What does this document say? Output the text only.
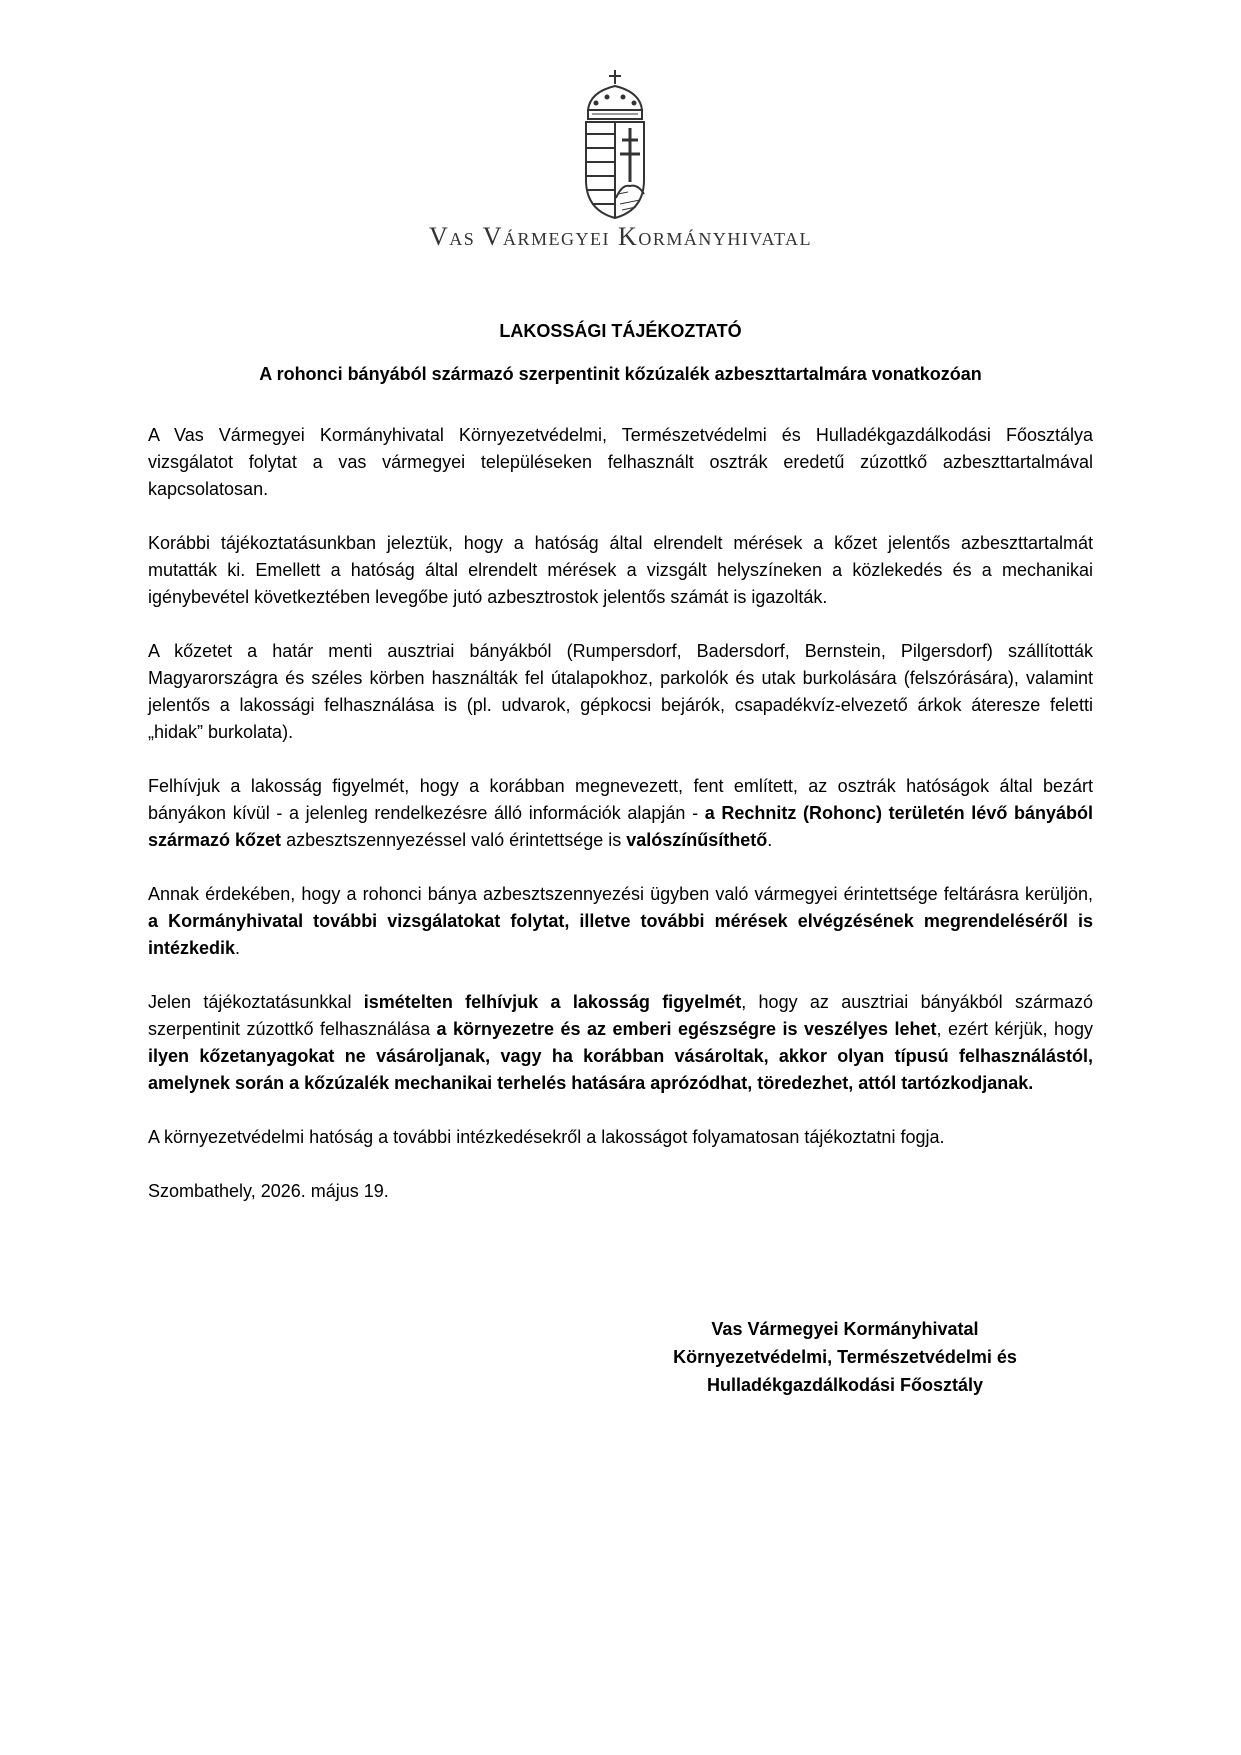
Vas Vármegyei Kormányhivatal
LAKOSSÁGI TÁJÉKOZTATÓ
A rohonci bányából származó szerpentinit kőzúzalék azbeszttartalmára vonatkozóan

A Vas Vármegyei Kormányhivatal Környezetvédelmi, Természetvédelmi és Hulladékgazdálkodási Főosztálya vizsgálatot folytat a vas vármegyei településeken felhasznált osztrák eredetű zúzottkő azbeszttartalmával kapcsolatosan.

Korábbi tájékoztatásunkban jeleztük, hogy a hatóság által elrendelt mérések a kőzet jelentős azbeszttartalmát mutatták ki. Emellett a hatóság által elrendelt mérések a vizsgált helyszíneken a közlekedés és a mechanikai igénybevétel következtében levegőbe jutó azbesztrostok jelentős számát is igazolták.

A kőzetet a határ menti ausztriai bányákból (Rumpersdorf, Badersdorf, Bernstein, Pilgersdorf) szállították Magyarországra és széles körben használták fel útalapokhoz, parkolók és utak burkolására (felszórására), valamint jelentős a lakossági felhasználása is (pl. udvarok, gépkocsi bejárók, csapadékvíz-elvezető árkok áteresze feletti „hidak” burkolata).

Felhívjuk a lakosság figyelmét, hogy a korábban megnevezett, fent említett, az osztrák hatóságok által bezárt bányákon kívül - a jelenleg rendelkezésre álló információk alapján - a Rechnitz (Rohonc) területén lévő bányából származó kőzet azbesztszennyezéssel való érintettsége is valószínűsíthető.

Annak érdekében, hogy a rohonci bánya azbesztszennyezési ügyben való vármegyei érintettsége feltárásra kerüljön, a Kormányhivatal további vizsgálatokat folytat, illetve további mérések elvégzésének megrendeléséről is intézkedik.

Jelen tájékoztatásunkkal ismételten felhívjuk a lakosság figyelmét, hogy az ausztriai bányákból származó szerpentinit zúzottkő felhasználása a környezetre és az emberi egészségre is veszélyes lehet, ezért kérjük, hogy ilyen kőzetanyagokat ne vásároljanak, vagy ha korábban vásároltak, akkor olyan típusú felhasználástól, amelynek során a kőzúzalék mechanikai terhelés hatására aprózódhat, töredezhet, attól tartózkodjanak.

A környezetvédelmi hatóság a további intézkedésekről a lakosságot folyamatosan tájékoztatni fogja.

Szombathely, 2026. május 19.

Vas Vármegyei Kormányhivatal
Környezetvédelmi, Természetvédelmi és
Hulladékgazdálkodási Főosztály
